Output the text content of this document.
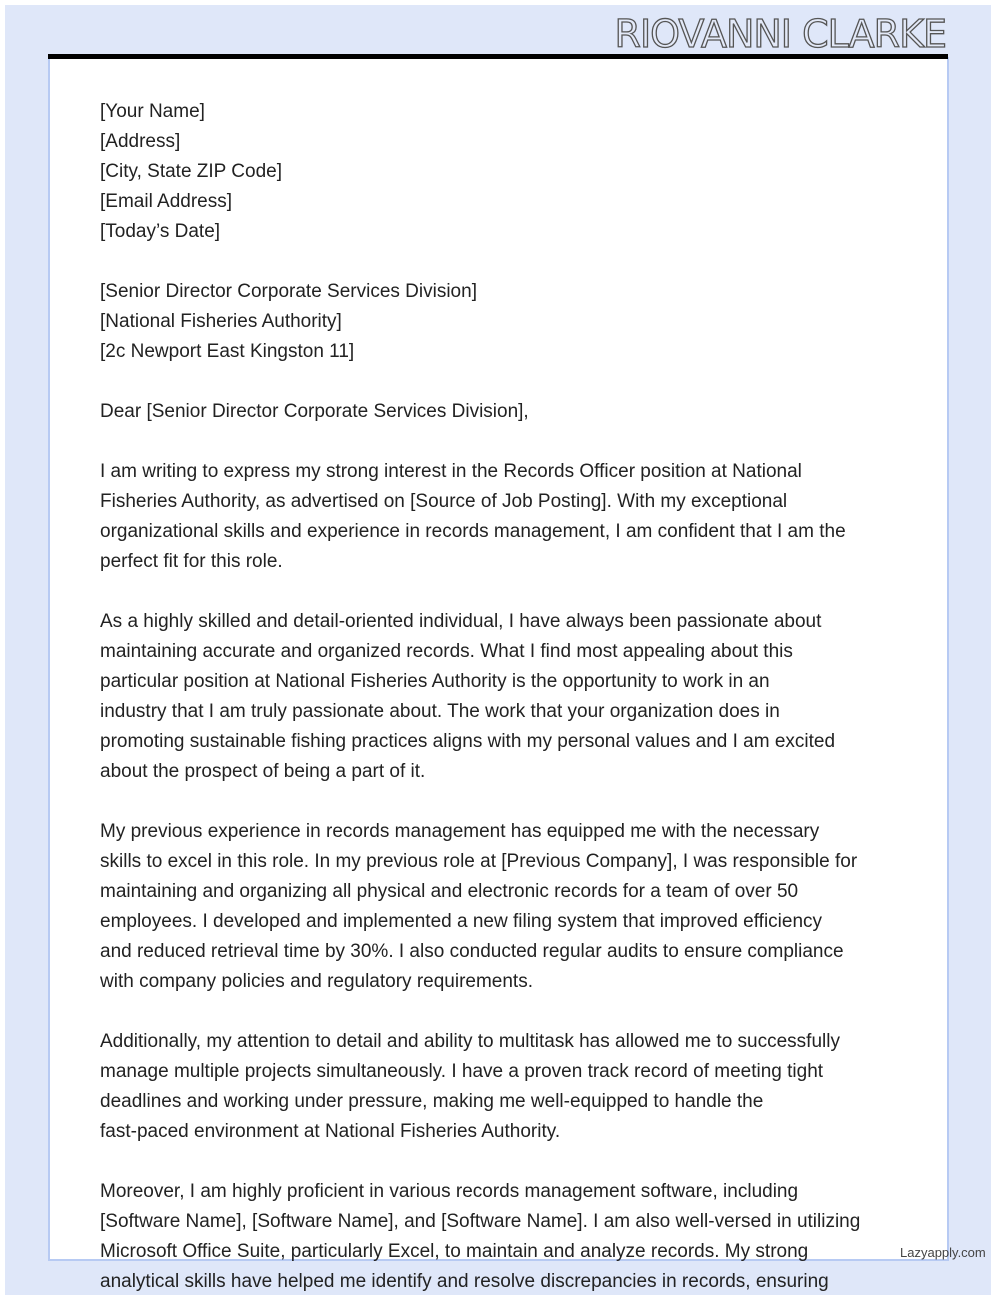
RIOVANNI CLARKE
[Your Name]
[Address]
[City, State ZIP Code]
[Email Address]
[Today’s Date]
[Senior Director Corporate Services Division]
[National Fisheries Authority]
[2c Newport East Kingston 11]
Dear [Senior Director Corporate Services Division],
I am writing to express my strong interest in the Records Officer position at National
Fisheries Authority, as advertised on [Source of Job Posting]. With my exceptional
organizational skills and experience in records management, I am confident that I am the
perfect fit for this role.
As a highly skilled and detail-oriented individual, I have always been passionate about
maintaining accurate and organized records. What I find most appealing about this
particular position at National Fisheries Authority is the opportunity to work in an
industry that I am truly passionate about. The work that your organization does in
promoting sustainable fishing practices aligns with my personal values and I am excited
about the prospect of being a part of it.
My previous experience in records management has equipped me with the necessary
skills to excel in this role. In my previous role at [Previous Company], I was responsible for
maintaining and organizing all physical and electronic records for a team of over 50
employees. I developed and implemented a new filing system that improved efficiency
and reduced retrieval time by 30%. I also conducted regular audits to ensure compliance
with company policies and regulatory requirements.
Additionally, my attention to detail and ability to multitask has allowed me to successfully
manage multiple projects simultaneously. I have a proven track record of meeting tight
deadlines and working under pressure, making me well-equipped to handle the
fast-paced environment at National Fisheries Authority.
Moreover, I am highly proficient in various records management software, including
[Software Name], [Software Name], and [Software Name]. I am also well-versed in utilizing
Microsoft Office Suite, particularly Excel, to maintain and analyze records. My strong
analytical skills have helped me identify and resolve discrepancies in records, ensuring
Lazyapply.com
